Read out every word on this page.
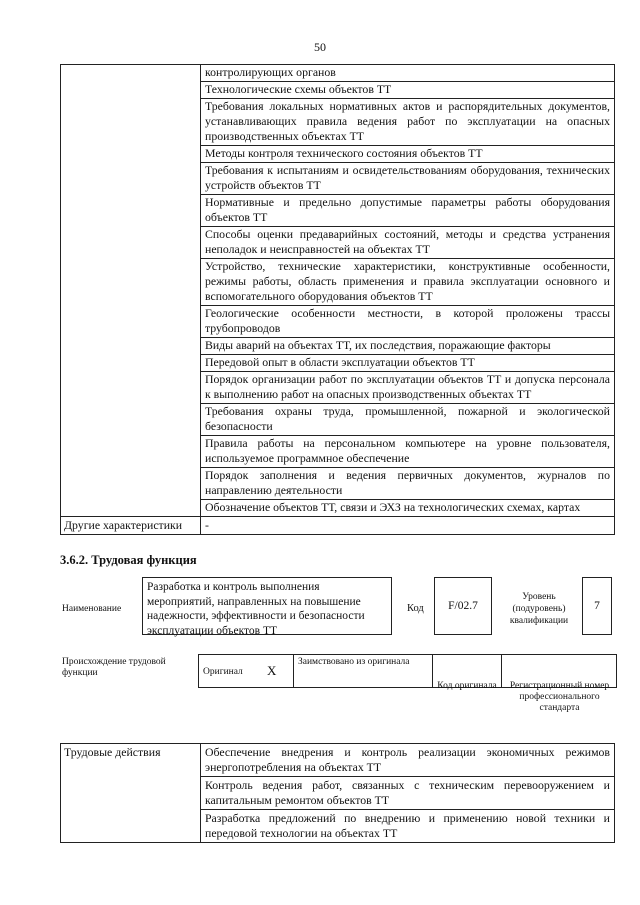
50
	контролирующих органов
	Технологические схемы объектов ТТ
	Требования локальных нормативных актов и распорядительных документов, устанавливающих правила ведения работ по эксплуатации на опасных производственных объектах ТТ
	Методы контроля технического состояния объектов ТТ
	Требования к испытаниям и освидетельствованиям оборудования, технических устройств объектов ТТ
	Нормативные и предельно допустимые параметры работы оборудования объектов ТТ
	Способы оценки предаварийных состояний, методы и средства устранения неполадок и неисправностей на объектах ТТ
	Устройство, технические характеристики, конструктивные особенности, режимы работы, область применения и правила эксплуатации основного и вспомогательного оборудования объектов ТТ
	Геологические особенности местности, в которой проложены трассы трубопроводов
	Виды аварий на объектах ТТ, их последствия, поражающие факторы
	Передовой опыт в области эксплуатации объектов ТТ
	Порядок организации работ по эксплуатации объектов ТТ и допуска персонала к выполнению работ на опасных производственных объектах ТТ
	Требования охраны труда, промышленной, пожарной и экологической безопасности
	Правила работы на персональном компьютере на уровне пользователя, используемое программное обеспечение
	Порядок заполнения и ведения первичных документов, журналов по направлению деятельности
	Обозначение объектов ТТ, связи и ЭХЗ на технологических схемах, картах
Другие характеристики	-
3.6.2. Трудовая функция
Наименование
Разработка и контроль выполнения мероприятий, направленных на повышение надежности, эффективности и безопасности эксплуатации объектов ТТ
Код	F/02.7
Уровень (подуровень) квалификации
7
Происхождение трудовой функции	Оригинал X
Заимствовано из оригинала
Код оригинала	Регистрационный номер профессионального стандарта
Трудовые действия	Обеспечение внедрения и контроль реализации экономичных режимов энергопотребления на объектах ТТ
Контроль ведения работ, связанных с техническим перевооружением и капитальным ремонтом объектов ТТ
Разработка предложений по внедрению и применению новой техники и передовой технологии на объектах ТТ
